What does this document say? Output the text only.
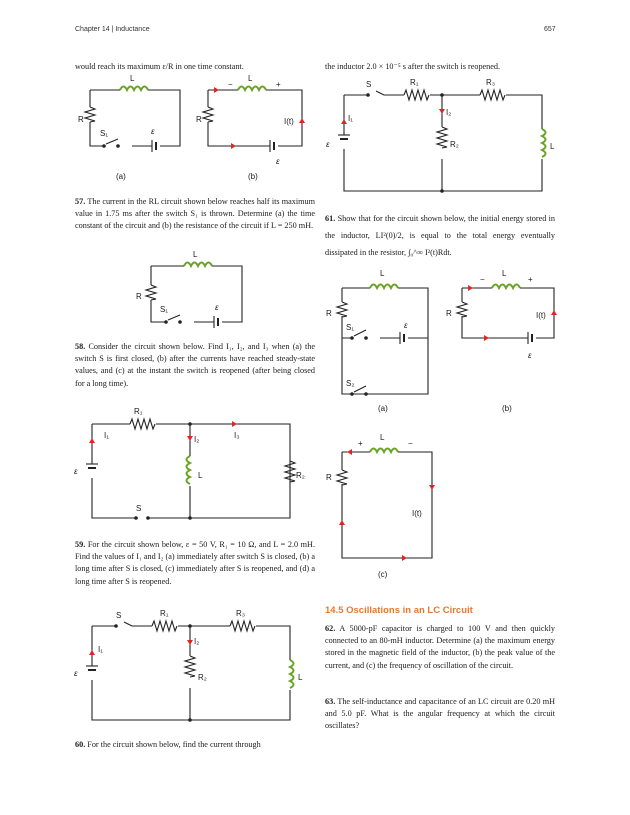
Chapter 14 | Inductance	657
would reach its maximum ε/R in one time constant.
L
R
S₁	ε
(a)
L
−	+
R	I(t)
ε
(b)
57. The current in the RL circuit shown below reaches half its maximum value in 1.75 ms after the switch S₁ is thrown. Determine (a) the time constant of the circuit and (b) the resistance of the circuit if L = 250 mH.
L
R
S₁	ε
58. Consider the circuit shown below. Find I₁, I₂, and I₃ when (a) the switch S is first closed, (b) after the currents have reached steady-state values, and (c) at the instant the switch is reopened (after being closed for a long time).
R₁
I₁	I₂	I₃
L	R₂
ε
S
59. For the circuit shown below, ε = 50 V, R₁ = 10 Ω, and L = 2.0 mH. Find the values of I₁ and I₂ (a) immediately after switch S is closed, (b) a long time after S is closed, (c) immediately after S is reopened, and (d) a long time after S is reopened.
S	R₁	R₃
I₁
I₂
R₂	L
ε
60. For the circuit shown below, find the current through
the inductor 2.0 × 10⁻⁵ s after the switch is reopened.
S	R₁	R₃
I₁
I₂
R₂	L
ε
61. Show that for the circuit shown below, the initial energy stored in the inductor, LI²(0)/2, is equal to the total energy eventually dissipated in the resistor, ∫₀^∞ I²(t)Rdt.
L
R
S₁	ε
S₂
(a)
L
−	+
R	I(t)
ε
(b)
L
+	−
R
I(t)
(c)
14.5 Oscillations in an LC Circuit
62. A 5000-pF capacitor is charged to 100 V and then quickly connected to an 80-mH inductor. Determine (a) the maximum energy stored in the magnetic field of the inductor, (b) the peak value of the current, and (c) the frequency of oscillation of the circuit.
63. The self-inductance and capacitance of an LC circuit are 0.20 mH and 5.0 pF. What is the angular frequency at which the circuit oscillates?
